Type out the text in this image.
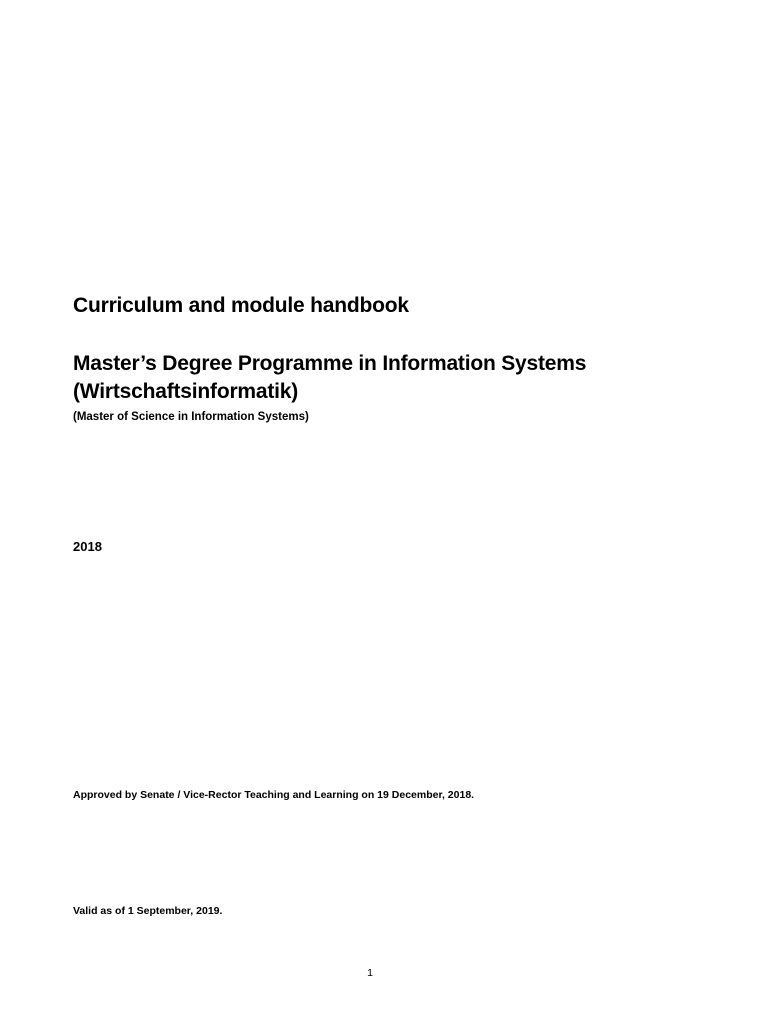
Curriculum and module handbook

Master’s Degree Programme in Information Systems
(Wirtschaftsinformatik)

(Master of Science in Information Systems)

2018

Approved by Senate / Vice-Rector Teaching and Learning on 19 December, 2018.

Valid as of 1 September, 2019.

1
